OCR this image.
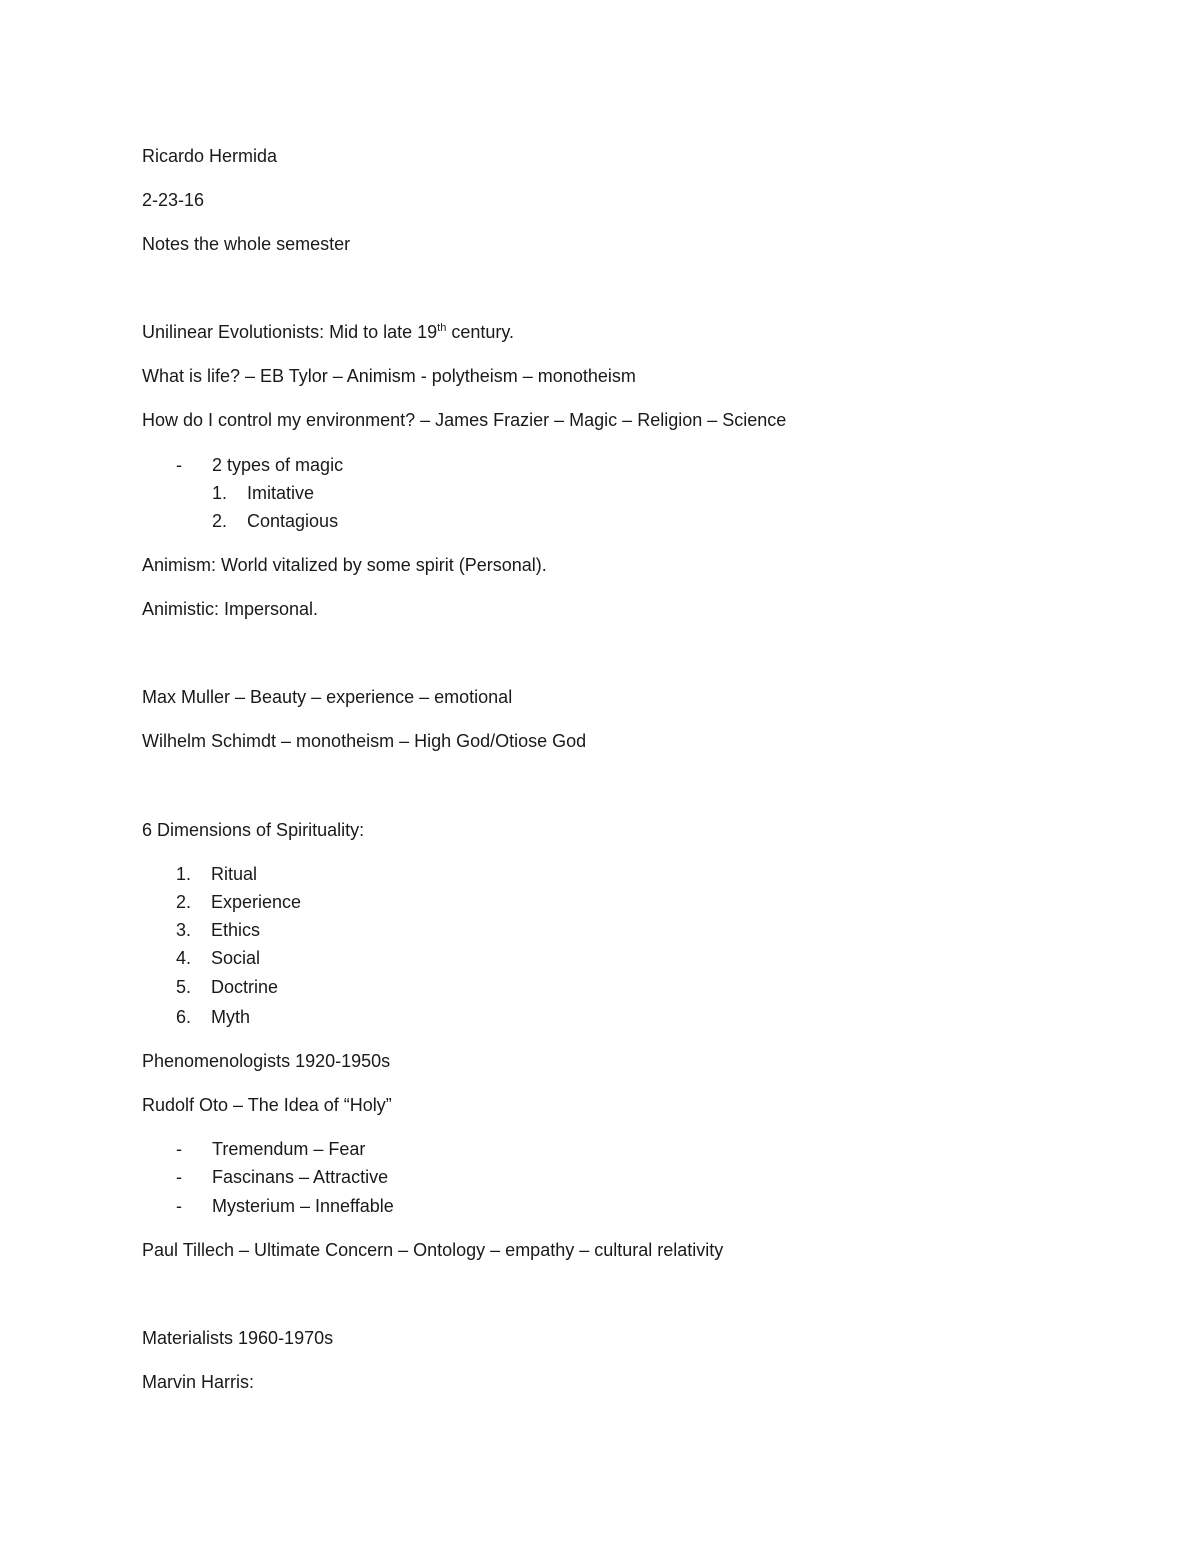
Ricardo Hermida
2-23-16
Notes the whole semester
Unilinear Evolutionists: Mid to late 19th century.
What is life? – EB Tylor – Animism - polytheism – monotheism
How do I control my environment? – James Frazier – Magic – Religion – Science
- 2 types of magic
1. Imitative
2. Contagious
Animism: World vitalized by some spirit (Personal).
Animistic: Impersonal.
Max Muller – Beauty – experience – emotional
Wilhelm Schimdt – monotheism – High God/Otiose God
6 Dimensions of Spirituality:
1. Ritual
2. Experience
3. Ethics
4. Social
5. Doctrine
6. Myth
Phenomenologists 1920-1950s
Rudolf Oto – The Idea of “Holy”
- Tremendum – Fear
- Fascinans – Attractive
- Mysterium – Inneffable
Paul Tillech – Ultimate Concern – Ontology – empathy – cultural relativity
Materialists 1960-1970s
Marvin Harris:
